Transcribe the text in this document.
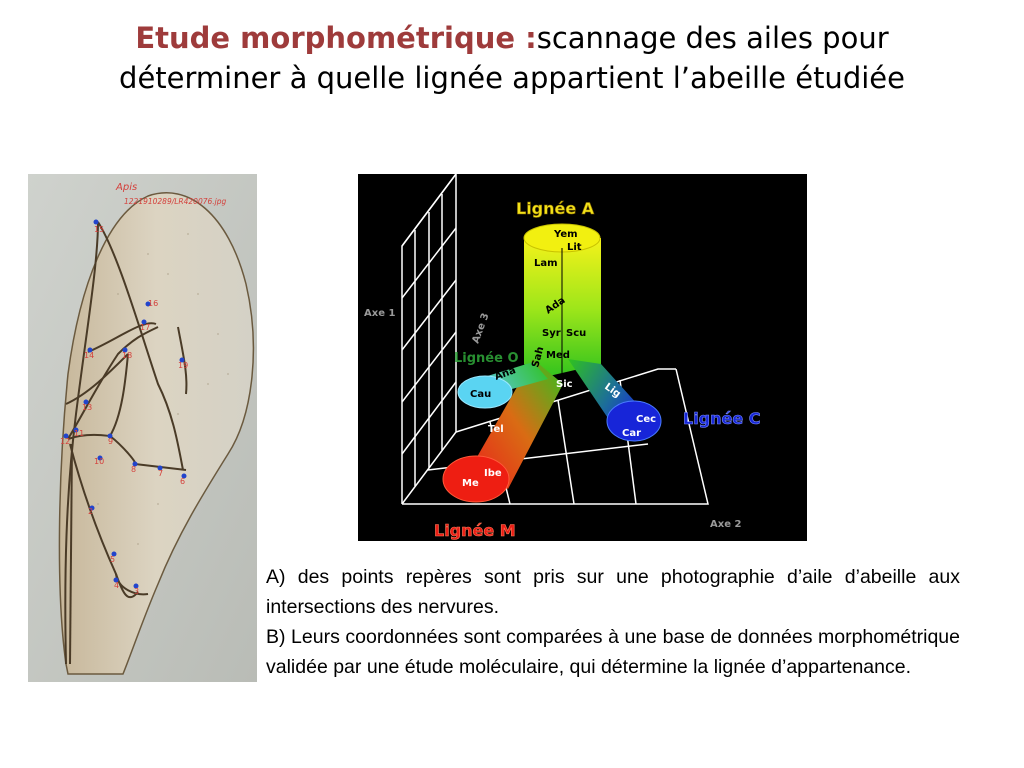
Etude morphométrique :scannage des ailes pour
déterminer à quelle lignée appartient l’abeille étudiée
Apis
1221910289/LR420076.jpg
15
16
17
14	18
19
13
11
12	9
10
8	7
6
2
5
4
3
Axe 1	Axe 3
Axe 2
Lignée A
Lignée C
Lignée M
Lignée O
Yem
Lit
Lam
Ada
Syr Scu
Sah Med
Ana
Cau
Sic	Lig
Cec
Car
Tel
Ibe
Me

A) des points repères sont pris sur une photographie d’aile d’abeille aux intersections des nervures.

B) Leurs coordonnées sont comparées à une base de données morphométrique validée par une étude moléculaire, qui détermine la lignée d’appartenance.
